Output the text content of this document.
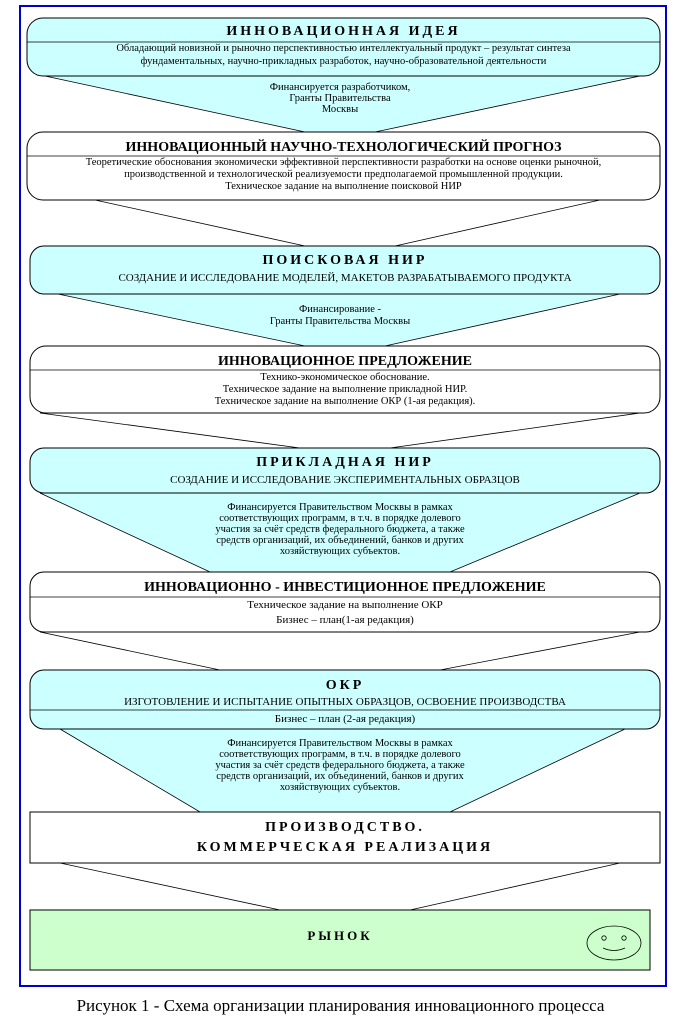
ИННОВАЦИОННАЯ ИДЕЯ
Обладающий новизной и рыночно перспективностью интеллектуальный продукт – результат синтеза
фундаментальных, научно-прикладных разработок, научно-образовательной деятельности
Финансируется разработчиком,
Гранты Правительства
Москвы
ИННОВАЦИОННЫЙ НАУЧНО-ТЕХНОЛОГИЧЕСКИЙ ПРОГНОЗ
Теоретические обоснования экономически эффективной перспективности разработки на основе оценки рыночной,
производственной и технологической реализуемости предполагаемой промышленной продукции.
Техническое задание на выполнение поисковой НИР
ПОИСКОВАЯ НИР
СОЗДАНИЕ И ИССЛЕДОВАНИЕ МОДЕЛЕЙ, МАКЕТОВ РАЗРАБАТЫВАЕМОГО ПРОДУКТА
Финансирование -
Гранты Правительства Москвы
ИННОВАЦИОННОЕ ПРЕДЛОЖЕНИЕ
Технико-экономическое обоснование.
Техническое задание на выполнение прикладной НИР.
Техническое задание на выполнение ОКР (1-ая редакция).
ПРИКЛАДНАЯ НИР
СОЗДАНИЕ И ИССЛЕДОВАНИЕ ЭКСПЕРИМЕНТАЛЬНЫХ ОБРАЗЦОВ
Финансируется Правительством Москвы в рамках
соответствующих программ, в т.ч. в порядке долевого
участия за счёт средств федерального бюджета, а также
средств организаций, их объединений, банков и других
хозяйствующих субъектов.
ИННОВАЦИОННО - ИНВЕСТИЦИОННОЕ ПРЕДЛОЖЕНИЕ
Техническое задание на выполнение ОКР
Бизнес – план(1-ая редакция)
ОКР
ИЗГОТОВЛЕНИЕ И ИСПЫТАНИЕ ОПЫТНЫХ ОБРАЗЦОВ, ОСВОЕНИЕ ПРОИЗВОДСТВА
Бизнес – план (2-ая редакция)
Финансируется Правительством Москвы в рамках
соответствующих программ, в т.ч. в порядке долевого
участия за счёт средств федерального бюджета, а также
средств организаций, их объединений, банков и других
хозяйствующих субъектов.
ПРОИЗВОДСТВО.
КОММЕРЧЕСКАЯ РЕАЛИЗАЦИЯ
РЫНОК
Рисунок 1 - Схема организации планирования инновационного процесса
